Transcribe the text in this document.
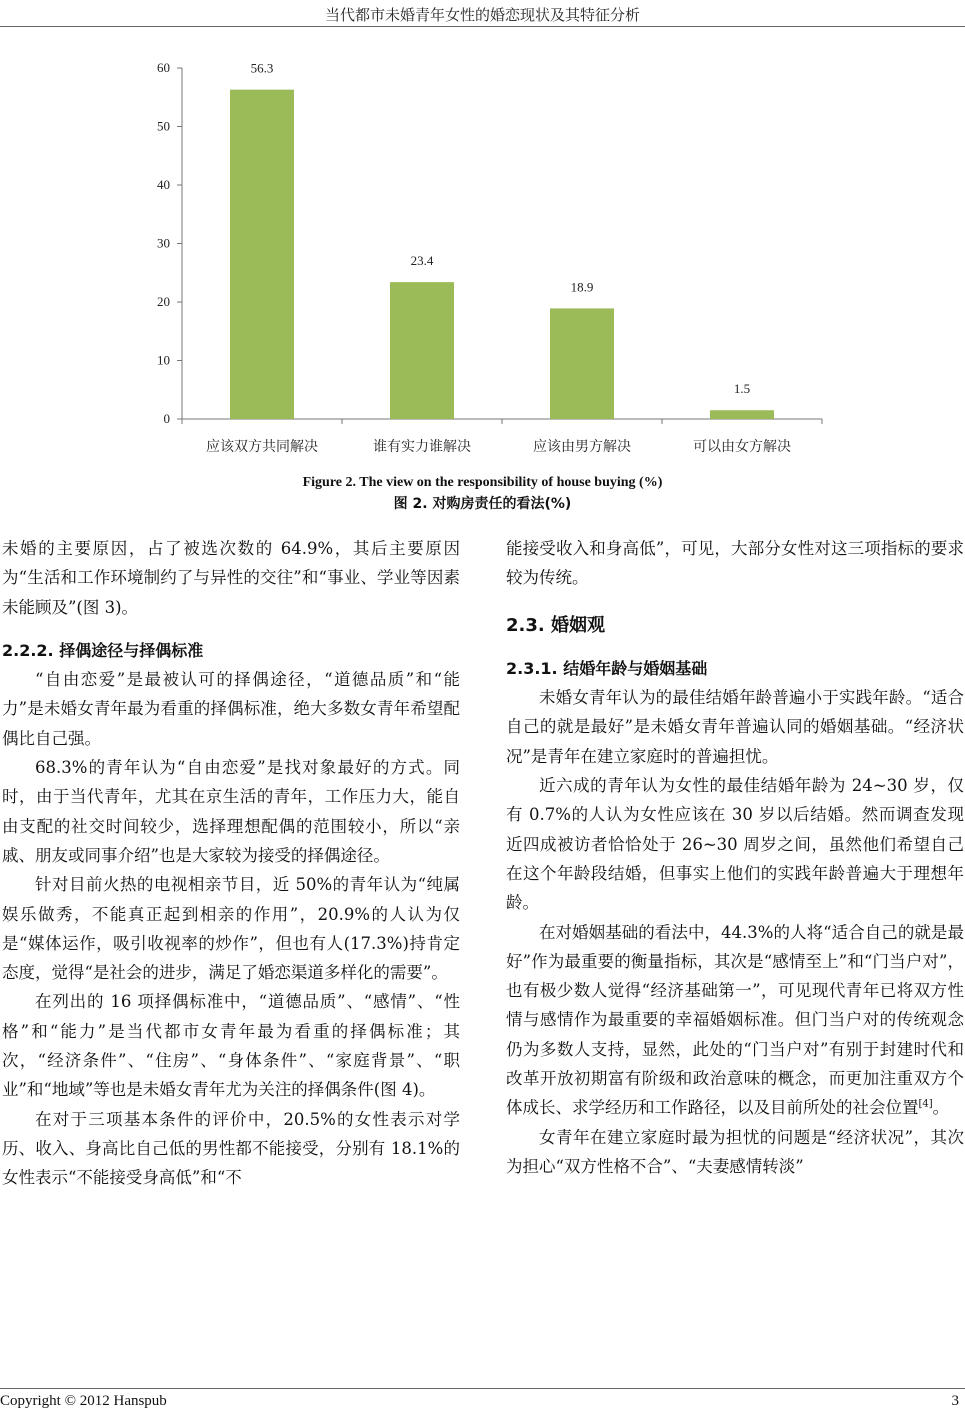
当代都市未婚青年女性的婚恋现状及其特征分析
0
10
20
30
40
50
60	56.3
应该双方共同解决
23.4
谁有实力谁解决
18.9
应该由男方解决
1.5
可以由女方解决
Figure 2. The view on the responsibility of house buying (%)
图 2. 对购房责任的看法(%)

未婚的主要原因，占了被选次数的 64.9%，其后主要原因为“生活和工作环境制约了与异性的交往”和“事业、学业等因素未能顾及”(图 3)。

2.2.2. 择偶途径与择偶标准

“自由恋爱”是最被认可的择偶途径，“道德品质”和“能力”是未婚女青年最为看重的择偶标准，绝大多数女青年希望配偶比自己强。

68.3%的青年认为“自由恋爱”是找对象最好的方式。同时，由于当代青年，尤其在京生活的青年，工作压力大，能自由支配的社交时间较少，选择理想配偶的范围较小，所以“亲戚、朋友或同事介绍”也是大家较为接受的择偶途径。

针对目前火热的电视相亲节目，近 50%的青年认为“纯属娱乐做秀，不能真正起到相亲的作用”，20.9%的人认为仅是“媒体运作，吸引收视率的炒作”，但也有人(17.3%)持肯定态度，觉得“是社会的进步，满足了婚恋渠道多样化的需要”。

在列出的 16 项择偶标准中，“道德品质”、“感情”、“性格”和“能力”是当代都市女青年最为看重的择偶标准；其次，“经济条件”、“住房”、“身体条件”、“家庭背景”、“职业”和“地域”等也是未婚女青年尤为关注的择偶条件(图 4)。

在对于三项基本条件的评价中，20.5%的女性表示对学历、收入、身高比自己低的男性都不能接受，分别有 18.1%的女性表示“不能接受身高低”和“不

能接受收入和身高低”，可见，大部分女性对这三项指标的要求较为传统。

2.3. 婚姻观
2.3.1. 结婚年龄与婚姻基础

未婚女青年认为的最佳结婚年龄普遍小于实践年龄。“适合自己的就是最好”是未婚女青年普遍认同的婚姻基础。“经济状况”是青年在建立家庭时的普遍担忧。

近六成的青年认为女性的最佳结婚年龄为 24~30 岁，仅有 0.7%的人认为女性应该在 30 岁以后结婚。然而调查发现近四成被访者恰恰处于 26~30 周岁之间，虽然他们希望自己在这个年龄段结婚，但事实上他们的实践年龄普遍大于理想年龄。

在对婚姻基础的看法中，44.3%的人将“适合自己的就是最好”作为最重要的衡量指标，其次是“感情至上”和“门当户对”，也有极少数人觉得“经济基础第一”，可见现代青年已将双方性情与感情作为最重要的幸福婚姻标准。但门当户对的传统观念仍为多数人支持，显然，此处的“门当户对”有别于封建时代和改革开放初期富有阶级和政治意味的概念，而更加注重双方个体成长、求学经历和工作路径，以及目前所处的社会位置[4]。

女青年在建立家庭时最为担忧的问题是“经济状况”，其次为担心“双方性格不合”、“夫妻感情转淡”

Copyright © 2012 Hanspub	3
